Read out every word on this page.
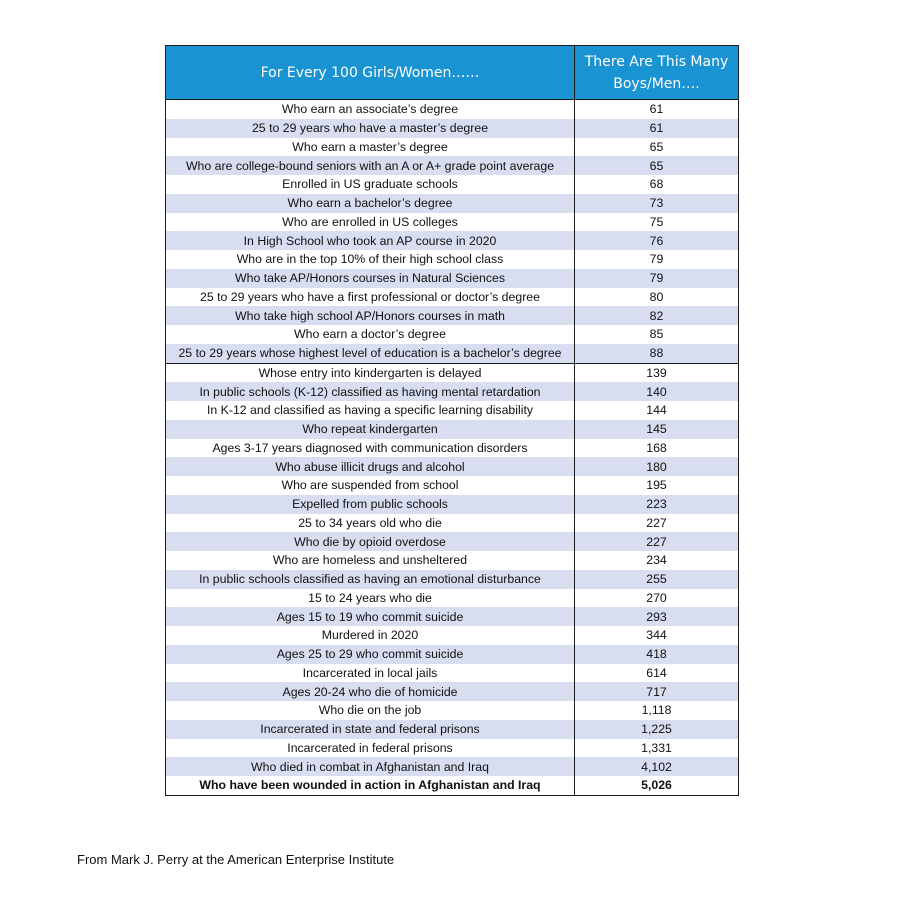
For Every 100 Girls/Women……	There Are This Many Boys/Men….
Who earn an associate’s degree	61
25 to 29 years who have a master’s degree	61
Who earn a master’s degree	65
Who are college-bound seniors with an A or A+ grade point average	65
Enrolled in US graduate schools	68
Who earn a bachelor’s degree	73
Who are enrolled in US colleges	75
In High School who took an AP course in 2020	76
Who are in the top 10% of their high school class	79
Who take AP/Honors courses in Natural Sciences	79
25 to 29 years who have a first professional or doctor’s degree	80
Who take high school AP/Honors courses in math	82
Who earn a doctor’s degree	85
25 to 29 years whose highest level of education is a bachelor’s degree	88
Whose entry into kindergarten is delayed	139
In public schools (K-12) classified as having mental retardation	140
In K-12 and classified as having a specific learning disability	144
Who repeat kindergarten	145
Ages 3-17 years diagnosed with communication disorders	168
Who abuse illicit drugs and alcohol	180
Who are suspended from school	195
Expelled from public schools	223
25 to 34 years old who die	227
Who die by opioid overdose	227
Who are homeless and unsheltered	234
In public schools classified as having an emotional disturbance	255
15 to 24 years who die	270
Ages 15 to 19 who commit suicide	293
Murdered in 2020	344
Ages 25 to 29 who commit suicide	418
Incarcerated in local jails	614
Ages 20-24 who die of homicide	717
Who die on the job	1,118
Incarcerated in state and federal prisons	1,225
Incarcerated in federal prisons	1,331
Who died in combat in Afghanistan and Iraq	4,102
Who have been wounded in action in Afghanistan and Iraq	5,026
From Mark J. Perry at the American Enterprise Institute
